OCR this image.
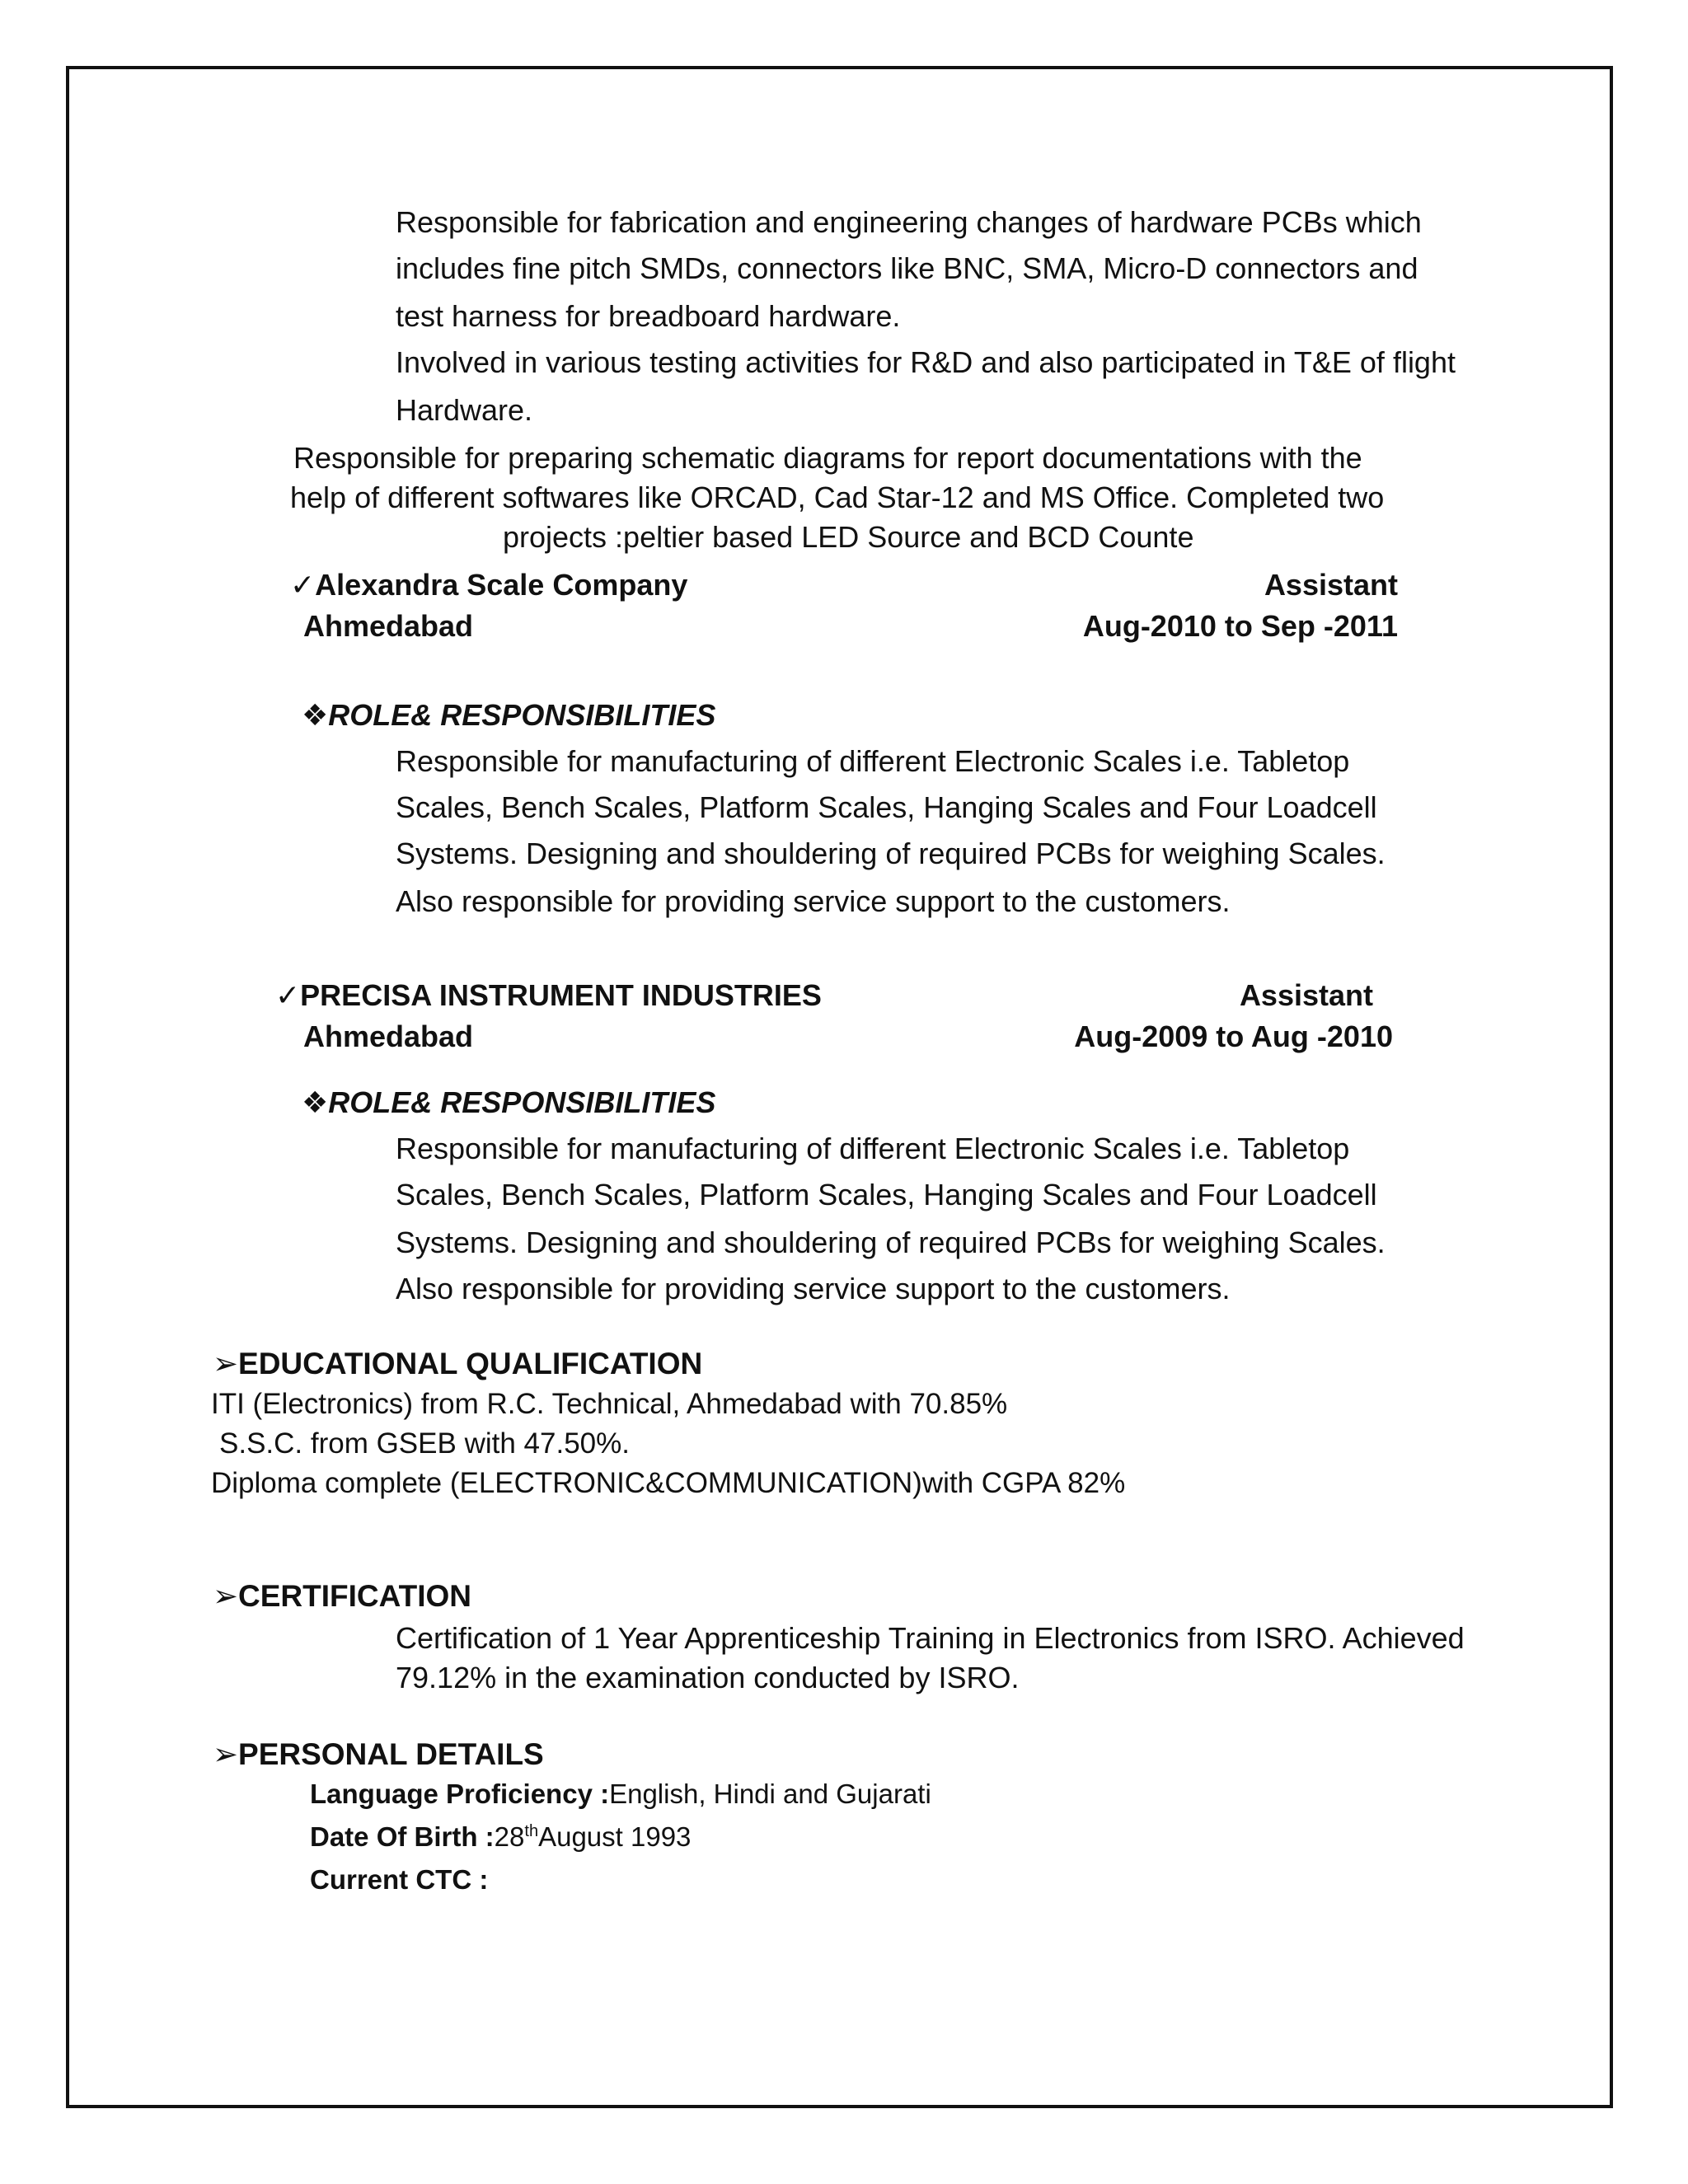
Responsible for fabrication and engineering changes of hardware PCBs which
includes fine pitch SMDs, connectors like BNC, SMA, Micro-D connectors and
test harness for breadboard hardware.
Involved in various testing activities for R&D and also participated in T&E of flight
Hardware.
Responsible for preparing schematic diagrams for report documentations with the
help of different softwares like ORCAD, Cad Star-12 and MS Office. Completed two
projects :peltier based LED Source and BCD Counte
✓Alexandra Scale Company	Assistant
Ahmedabad	Aug-2010 to Sep -2011
❖ROLE& RESPONSIBILITIES
Responsible for manufacturing of different Electronic Scales i.e. Tabletop
Scales, Bench Scales, Platform Scales, Hanging Scales and Four Loadcell
Systems. Designing and shouldering of required PCBs for weighing Scales.
Also responsible for providing service support to the customers.
✓PRECISA INSTRUMENT INDUSTRIES	Assistant
Ahmedabad	Aug-2009 to Aug -2010
❖ROLE& RESPONSIBILITIES
Responsible for manufacturing of different Electronic Scales i.e. Tabletop
Scales, Bench Scales, Platform Scales, Hanging Scales and Four Loadcell
Systems. Designing and shouldering of required PCBs for weighing Scales.
Also responsible for providing service support to the customers.
➢EDUCATIONAL QUALIFICATION
ITI (Electronics) from R.C. Technical, Ahmedabad with 70.85%
S.S.C. from GSEB with 47.50%.
Diploma complete (ELECTRONIC&COMMUNICATION)with CGPA 82%
➢CERTIFICATION
Certification of 1 Year Apprenticeship Training in Electronics from ISRO. Achieved
79.12% in the examination conducted by ISRO.
➢PERSONAL DETAILS
Language Proficiency :English, Hindi and Gujarati
Date Of Birth :28thAugust 1993
Current CTC :
